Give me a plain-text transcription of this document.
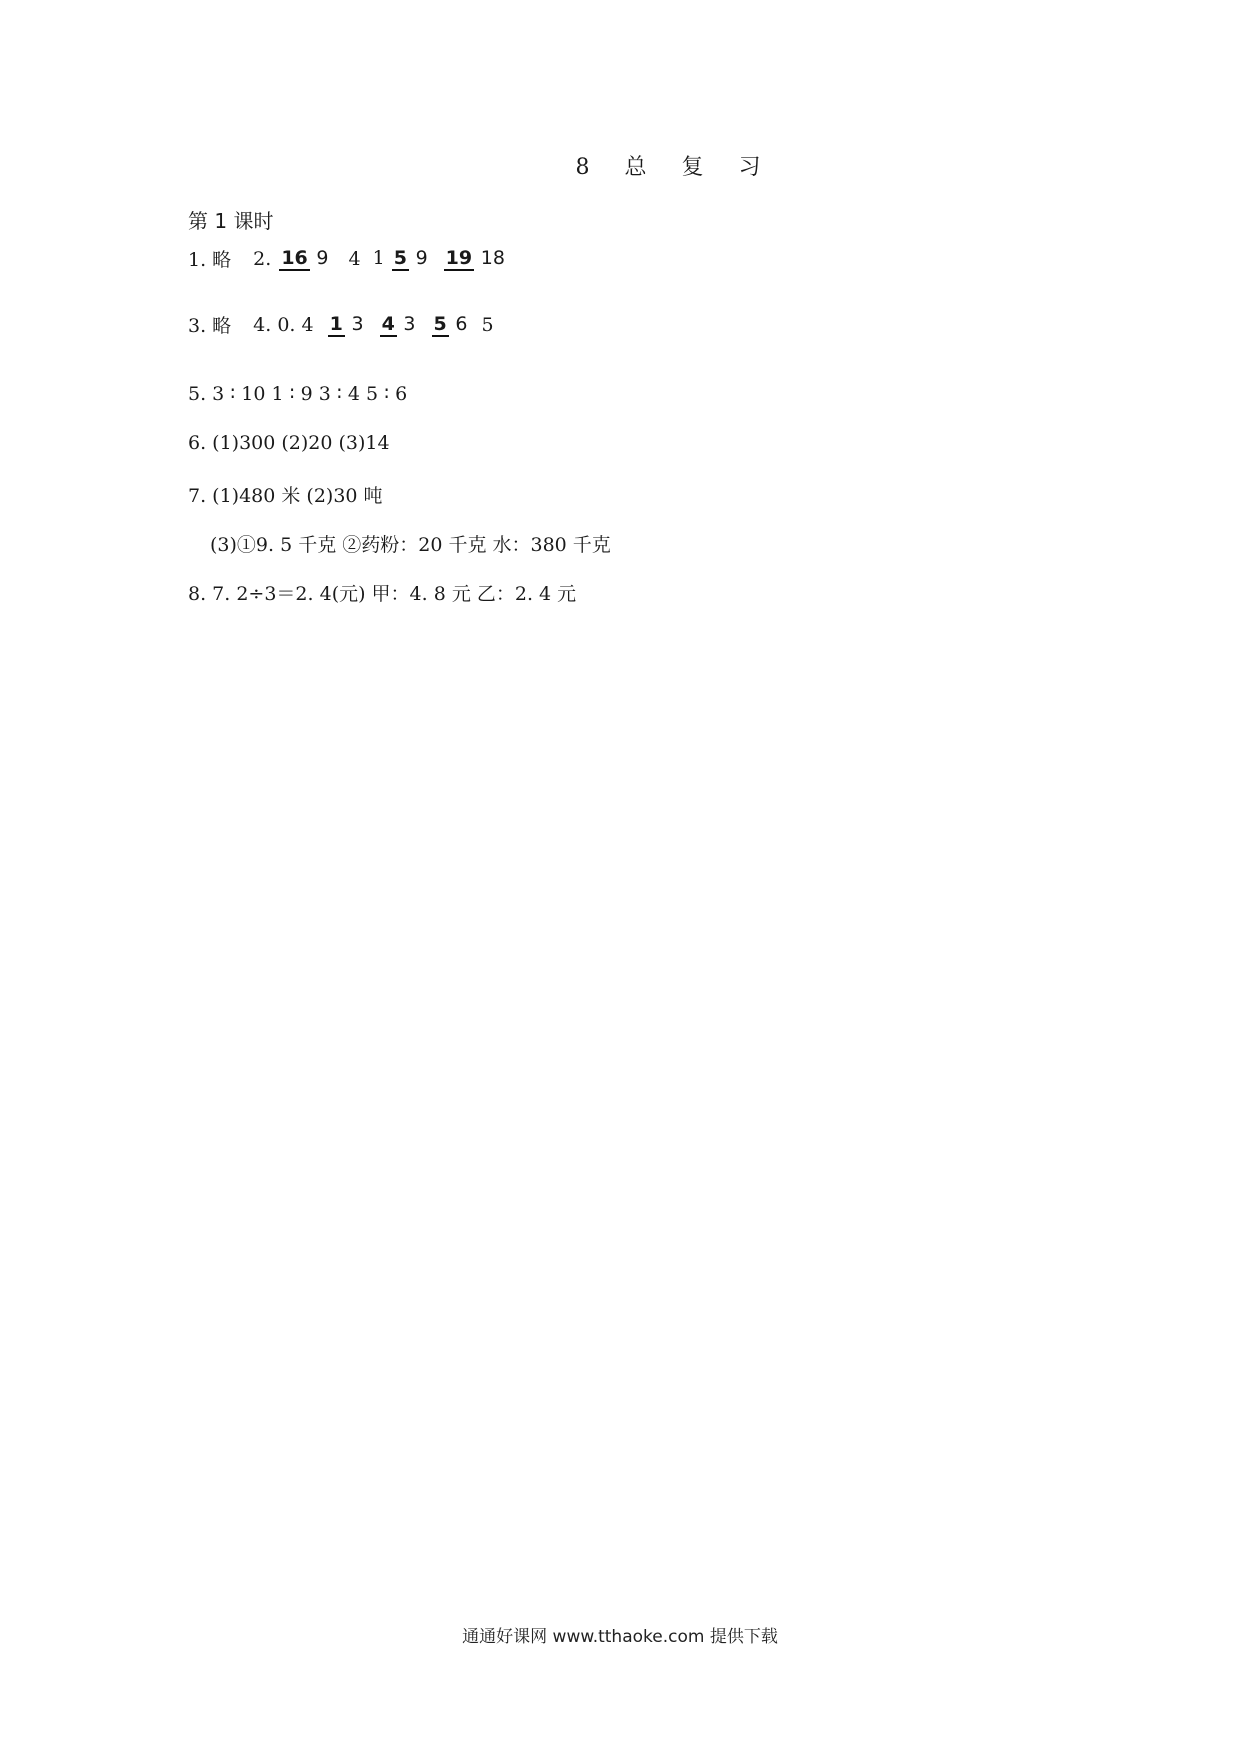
8 总 复 习
第 1 课时
1. 略 2. 16 9 4 1 5 9 19 18
3. 略 4. 0. 4 1 3 4 3 5 6 5
5. 3 ∶ 10 1 ∶ 9 3 ∶ 4 5 ∶ 6
6. (1)300 (2)20 (3)14
7. (1)480 米 (2)30 吨
(3)①9. 5 千克 ②药粉：20 千克 水：380 千克
8. 7. 2÷3＝2. 4(元) 甲：4. 8 元 乙：2. 4 元
通通好课网 www.tthaoke.com 提供下载
